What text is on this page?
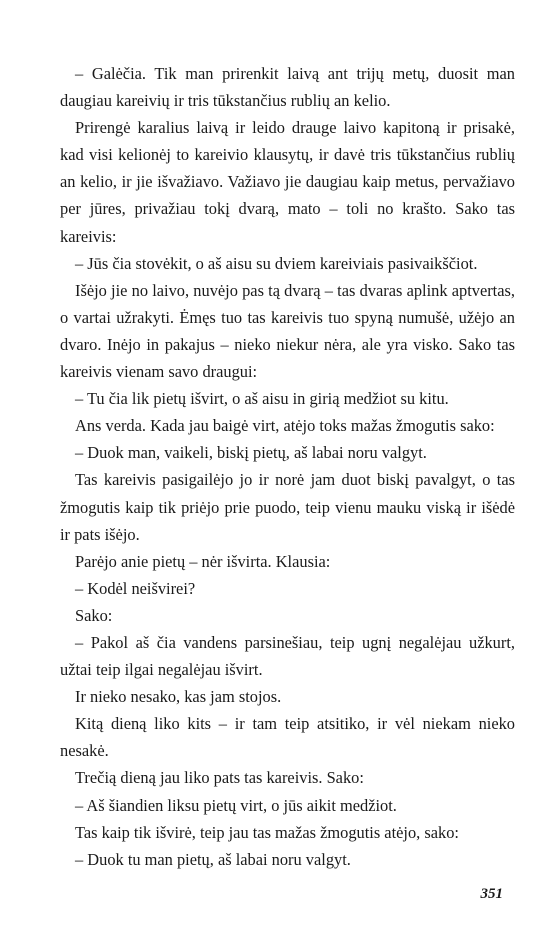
– Galėčia. Tik man prirenkit laivą ant trijų metų, duosit man daugiau kareivių ir tris tūkstančius rublių an kelio.

Prirengė karalius laivą ir leido drauge laivo kapitoną ir prisakė, kad visi kelionėj to kareivio klausytų, ir davė tris tūkstančius rublių an kelio, ir jie išvažiavo. Važiavo jie daugiau kaip metus, pervažiavo per jūres, privažiau tokį dvarą, mato – toli no krašto. Sako tas kareivis:

– Jūs čia stovėkit, o aš aisu su dviem kareiviais pasivaikščiot.

Išėjo jie no laivo, nuvėjo pas tą dvarą – tas dvaras aplink aptvertas, o vartai užrakyti. Ėmęs tuo tas kareivis tuo spyną numušė, užėjo an dvaro. Inėjo in pakajus – nieko niekur nėra, ale yra visko. Sako tas kareivis vienam savo draugui:

– Tu čia lik pietų išvirt, o aš aisu in girią medžiot su kitu.

Ans verda. Kada jau baigė virt, atėjo toks mažas žmogutis sako:

– Duok man, vaikeli, biskį pietų, aš labai noru valgyt.

Tas kareivis pasigailėjo jo ir norė jam duot biskį pavalgyt, o tas žmogutis kaip tik priėjo prie puodo, teip vienu mauku viską ir išėdė ir pats išėjo.

Parėjo anie pietų – nėr išvirta. Klausia:

– Kodėl neišvirei?

Sako:

– Pakol aš čia vandens parsinešiau, teip ugnį negalėjau užkurt, užtai teip ilgai negalėjau išvirt.

Ir nieko nesako, kas jam stojos.

Kitą dieną liko kits – ir tam teip atsitiko, ir vėl niekam nieko nesakė.

Trečią dieną jau liko pats tas kareivis. Sako:

– Aš šiandien liksu pietų virt, o jūs aikit medžiot.

Tas kaip tik išvirė, teip jau tas mažas žmogutis atėjo, sako:

– Duok tu man pietų, aš labai noru valgyt.

351
